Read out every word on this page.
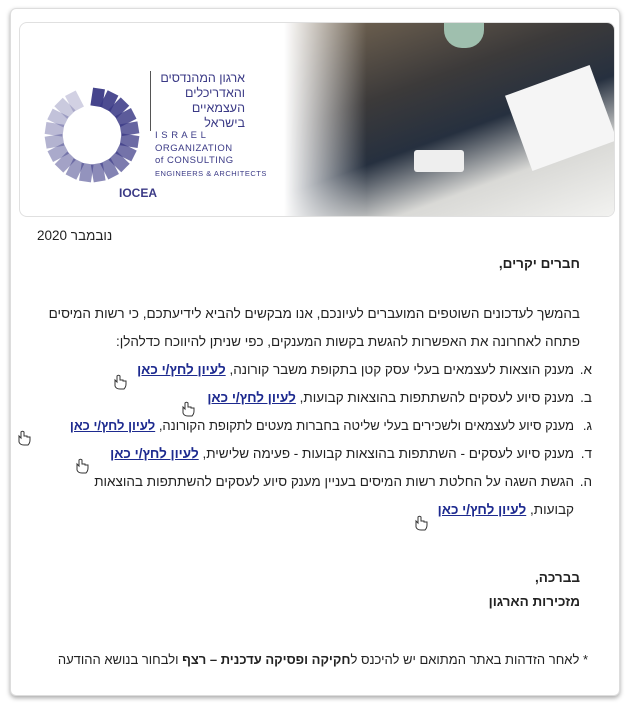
ארגון המהנדסים
והאדריכלים
העצמאיים
בישראל
I S R A E L
ORGANIZATION
of CONSULTING
ENGINEERS & ARCHITECTS
IOCEA
נובמבר 2020
חברים יקרים,
בהמשך לעדכונים השוטפים המועברים לעיונכם, אנו מבקשים להביא לידיעתכם, כי רשות המיסים
פתחה לאחרונה את האפשרות להגשת בקשות המענקים, כפי שניתן להיווכח כדלהלן:
א.מענק הוצאות לעצמאים בעלי עסק קטן בתקופת משבר קורונה, לעיון לחץ/י כאן
ב.מענק סיוע לעסקים להשתתפות בהוצאות קבועות, לעיון לחץ/י כאן
ג.מענק סיוע לעצמאים ולשכירים בעלי שליטה בחברות מעטים לתקופת הקורונה, לעיון לחץ/י כאן
ד.מענק סיוע לעסקים - השתתפות בהוצאות קבועות - פעימה שלישית, לעיון לחץ/י כאן
ה.הגשת השגה על החלטת רשות המיסים בעניין מענק סיוע לעסקים להשתתפות בהוצאות
קבועות, לעיון לחץ/י כאן
בברכה,
מזכירות הארגון
* לאחר הזדהות באתר המתואם יש להיכנס לחקיקה ופסיקה עדכנית – רצף ולבחור בנושא ההודעה
